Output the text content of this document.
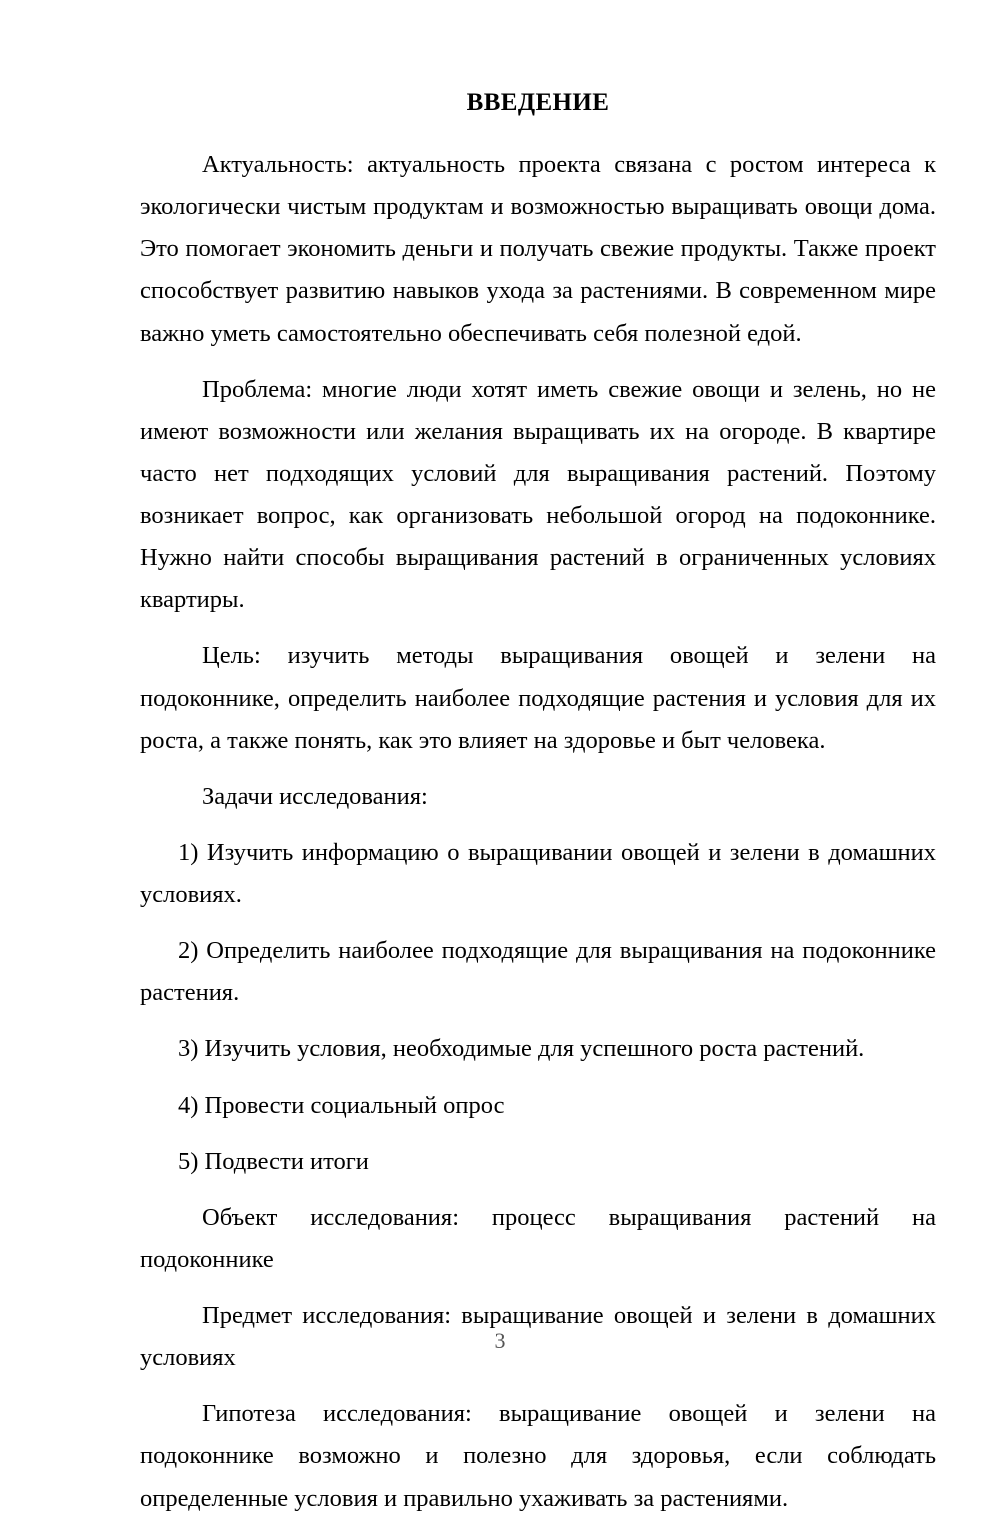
ВВЕДЕНИЕ

Актуальность: актуальность проекта связана с ростом интереса к экологически чистым продуктам и возможностью выращивать овощи дома. Это помогает экономить деньги и получать свежие продукты. Также проект способствует развитию навыков ухода за растениями. В современном мире важно уметь самостоятельно обеспечивать себя полезной едой.

Проблема: многие люди хотят иметь свежие овощи и зелень, но не имеют возможности или желания выращивать их на огороде. В квартире часто нет подходящих условий для выращивания растений. Поэтому возникает вопрос, как организовать небольшой огород на подоконнике. Нужно найти способы выращивания растений в ограниченных условиях квартиры.

Цель: изучить методы выращивания овощей и зелени на подоконнике, определить наиболее подходящие растения и условия для их роста, а также понять, как это влияет на здоровье и быт человека.

Задачи исследования:

1) Изучить информацию о выращивании овощей и зелени в домашних условиях.

2) Определить наиболее подходящие для выращивания на подоконнике растения.

3) Изучить условия, необходимые для успешного роста растений.

4) Провести социальный опрос

5) Подвести итоги

Объект исследования: процесс выращивания растений на подоконнике

Предмет исследования: выращивание овощей и зелени в домашних условиях

Гипотеза исследования: выращивание овощей и зелени на подоконнике возможно и полезно для здоровья, если соблюдать определенные условия и правильно ухаживать за растениями.

3
